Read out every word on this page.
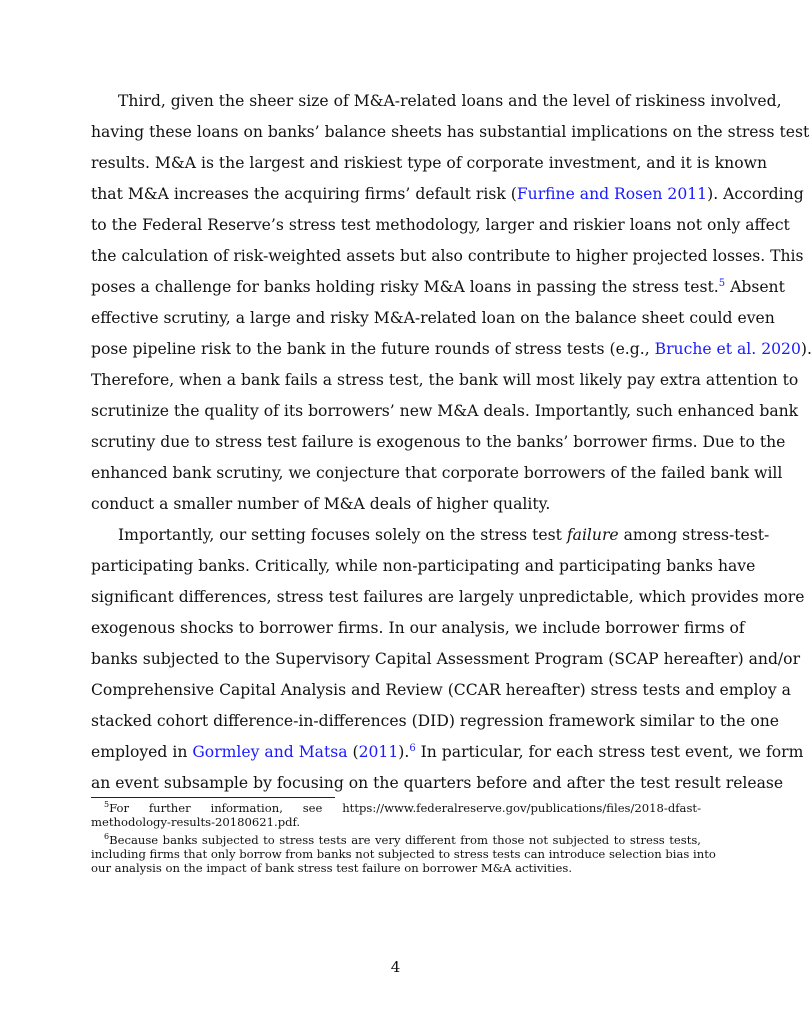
Third, given the sheer size of M&A-related loans and the level of riskiness involved,
having these loans on banks’ balance sheets has substantial implications on the stress test
results. M&A is the largest and riskiest type of corporate investment, and it is known
that M&A increases the acquiring firms’ default risk (Furfine and Rosen 2011). According
to the Federal Reserve’s stress test methodology, larger and riskier loans not only affect
the calculation of risk-weighted assets but also contribute to higher projected losses. This
poses a challenge for banks holding risky M&A loans in passing the stress test.$^5$ Absent
effective scrutiny, a large and risky M&A-related loan on the balance sheet could even
pose pipeline risk to the bank in the future rounds of stress tests (e.g., Bruche et al. 2020).
Therefore, when a bank fails a stress test, the bank will most likely pay extra attention to
scrutinize the quality of its borrowers’ new M&A deals. Importantly, such enhanced bank
scrutiny due to stress test failure is exogenous to the banks’ borrower firms. Due to the
enhanced bank scrutiny, we conjecture that corporate borrowers of the failed bank will
conduct a smaller number of M&A deals of higher quality.
Importantly, our setting focuses solely on the stress test failure among stress-test-
participating banks. Critically, while non-participating and participating banks have
significant differences, stress test failures are largely unpredictable, which provides more
exogenous shocks to borrower firms. In our analysis, we include borrower firms of
banks subjected to the Supervisory Capital Assessment Program (SCAP hereafter) and/or
Comprehensive Capital Analysis and Review (CCAR hereafter) stress tests and employ a
stacked cohort difference-in-differences (DID) regression framework similar to the one
employed in Gormley and Matsa (2011).$^6$ In particular, for each stress test event, we form
an event subsample by focusing on the quarters before and after the test result release
$^5$For further information, see https://www.federalreserve.gov/publications/files/2018-dfast-
methodology-results-20180621.pdf.
$^6$Because banks subjected to stress tests are very different from those not subjected to stress tests,
including firms that only borrow from banks not subjected to stress tests can introduce selection bias into
our analysis on the impact of bank stress test failure on borrower M&A activities.
4
